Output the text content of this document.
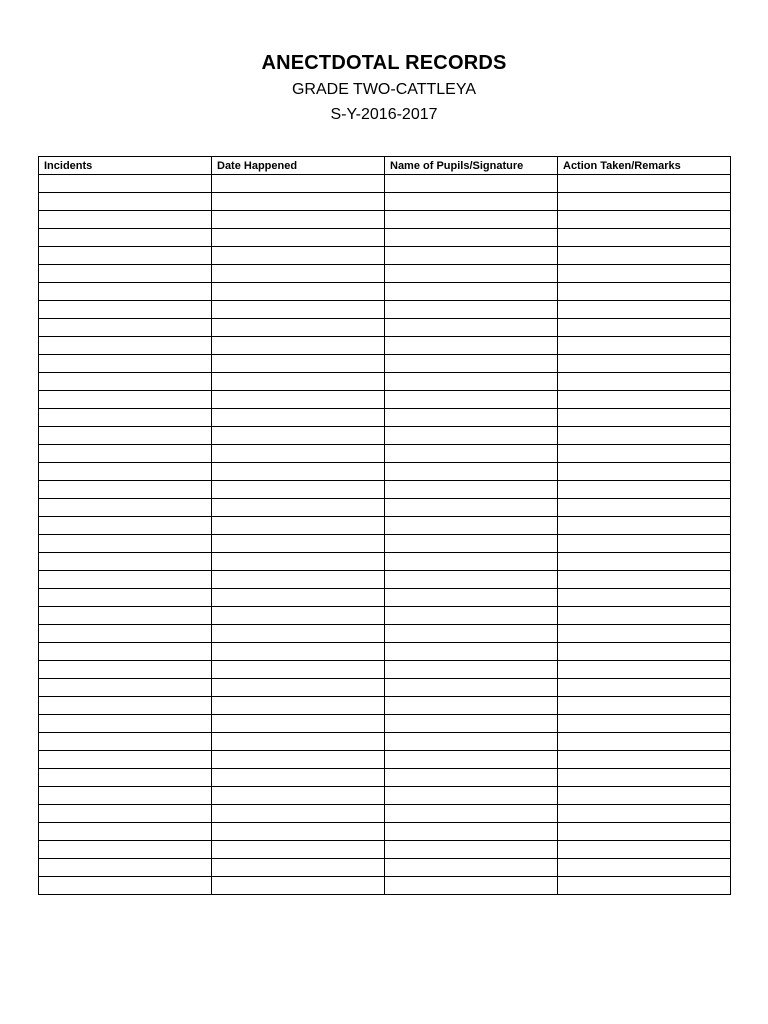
ANECTDOTAL RECORDS
GRADE TWO-CATTLEYA
S-Y-2016-2017
Incidents	Date Happened	Name of Pupils/Signature	Action Taken/Remarks
